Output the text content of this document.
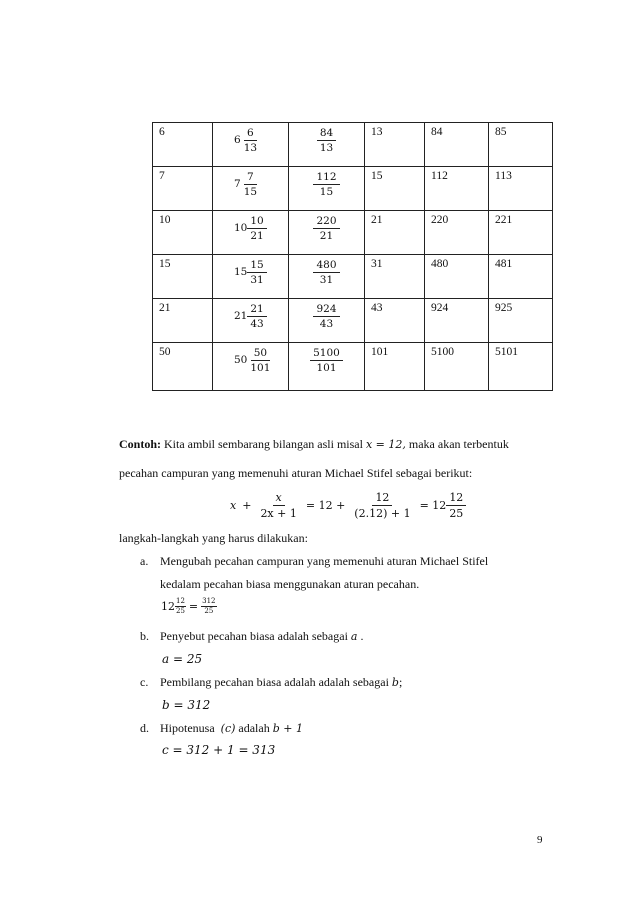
6	$6 \frac{6}{13}$	$\frac{84}{13}$	13	84	85
7	$7 \frac{7}{15}$	$\frac{112}{15}$	15	112	113
10	$10 \frac{10}{21}$	$\frac{220}{21}$	21	220	221
15	$15 \frac{15}{31}$	$\frac{480}{31}$	31	480	481
21	$21 \frac{21}{43}$	$\frac{924}{43}$	43	924	925
50	$50 \frac{50}{101}$	$\frac{5100}{101}$	101	5100	5101
Contoh: Kita ambil sembarang bilangan asli misal x = 12, maka akan terbentuk
pecahan campuran yang memenuhi aturan Michael Stifel sebagai berikut:
$x + \frac{x}{2x + 1} = 12 + \frac{12}{(2.12) + 1} = 12 \frac{12}{25}$
langkah-langkah yang harus dilakukan:
a. Mengubah pecahan campuran yang memenuhi aturan Michael Stifel
kedalam pecahan biasa menggunakan aturan pecahan.
$12 \frac{12}{25} = \frac{312}{25}$
b. Penyebut pecahan biasa adalah sebagai a .
a = 25
c. Pembilang pecahan biasa adalah adalah sebagai b;
b = 312
d. Hipotenusa (c) adalah b + 1
c = 312 + 1 = 313
9
